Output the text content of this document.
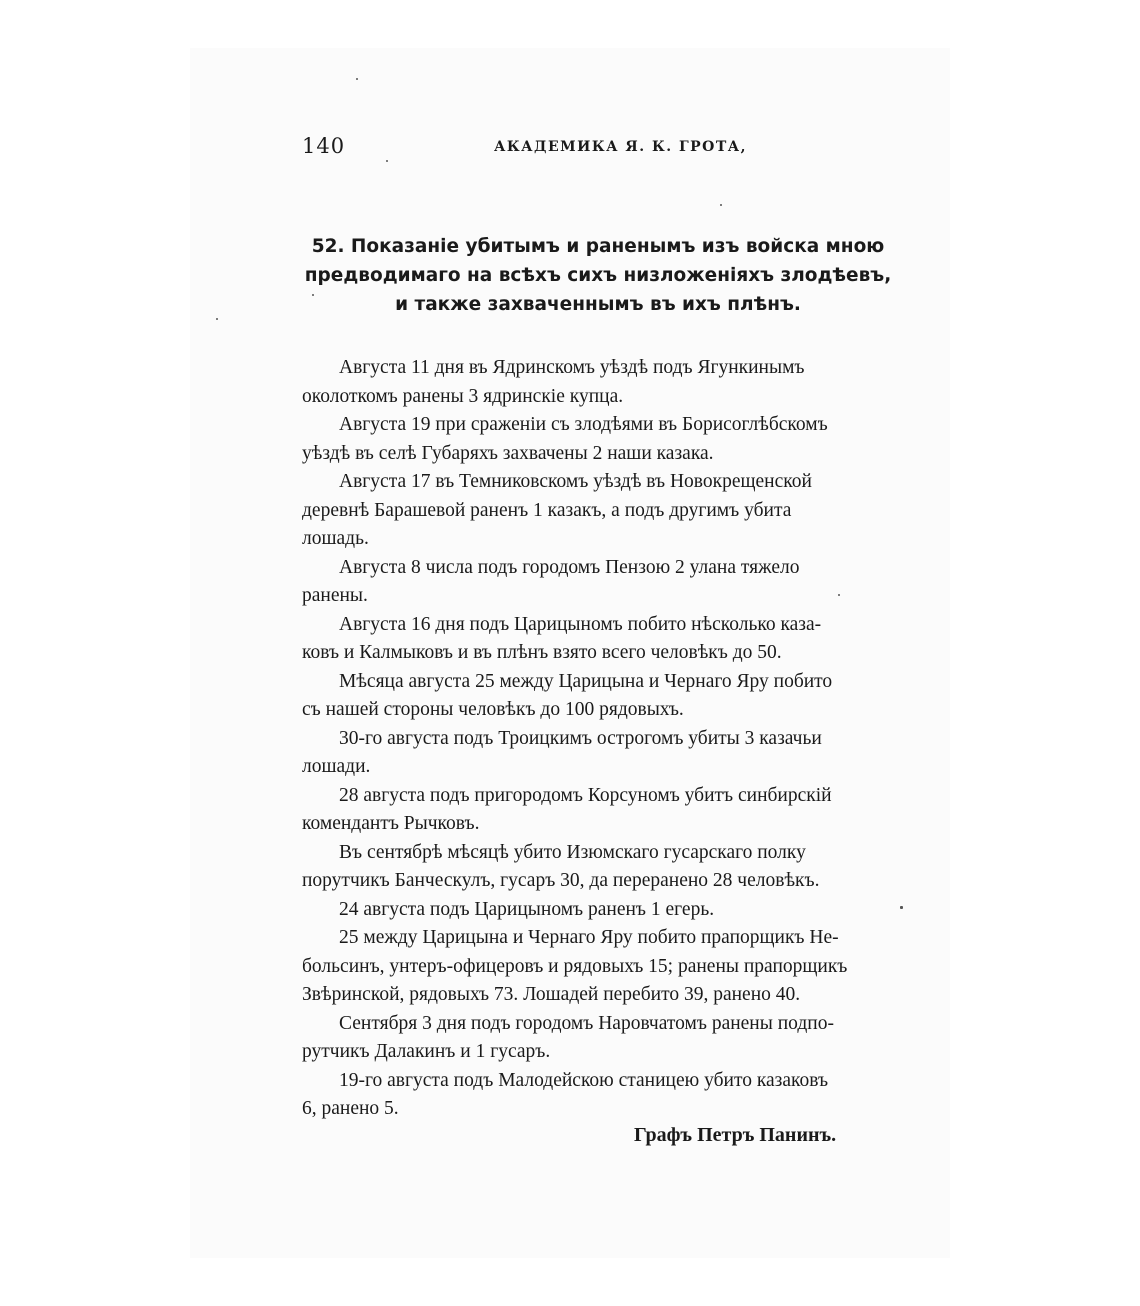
140	АКАДЕМИКА Я. К. ГРОТА,
52. Показаніе убитымъ и раненымъ изъ войска мною
предводимаго на всѣхъ сихъ низложеніяхъ злодѣевъ,
и также захваченнымъ въ ихъ плѣнъ.

Августа 11 дня въ Ядринскомъ уѣздѣ подъ Ягункинымъ
околоткомъ ранены 3 ядринскіе купца.

Августа 19 при сраженіи съ злодѣями въ Борисоглѣбскомъ
уѣздѣ въ селѣ Губаряхъ захвачены 2 наши казака.

Августа 17 въ Темниковскомъ уѣздѣ въ Новокрещенской
деревнѣ Барашевой раненъ 1 казакъ, а подъ другимъ убита
лошадь.

Августа 8 числа подъ городомъ Пензою 2 улана тяжело
ранены.

Августа 16 дня подъ Царицыномъ побито нѣсколько каза-
ковъ и Калмыковъ и въ плѣнъ взято всего человѣкъ до 50.

Мѣсяца августа 25 между Царицына и Чернаго Яру побито
съ нашей стороны человѣкъ до 100 рядовыхъ.

30-го августа подъ Троицкимъ острогомъ убиты 3 казачьи
лошади.

28 августа подъ пригородомъ Корсуномъ убитъ синбирскій
комендантъ Рычковъ.

Въ сентябрѣ мѣсяцѣ убито Изюмскаго гусарскаго полку
порутчикъ Банческулъ, гусаръ 30, да переранено 28 человѣкъ.

24 августа подъ Царицыномъ раненъ 1 егерь.

25 между Царицына и Чернаго Яру побито прапорщикъ Не-
больсинъ, унтеръ-офицеровъ и рядовыхъ 15; ранены прапорщикъ
Звѣринской, рядовыхъ 73. Лошадей перебито 39, ранено 40.

Сентября 3 дня подъ городомъ Наровчатомъ ранены подпо-
рутчикъ Далакинъ и 1 гусаръ.

19-го августа подъ Малодейскою станицею убито казаковъ
6, ранено 5.

Графъ Петръ Панинъ.
